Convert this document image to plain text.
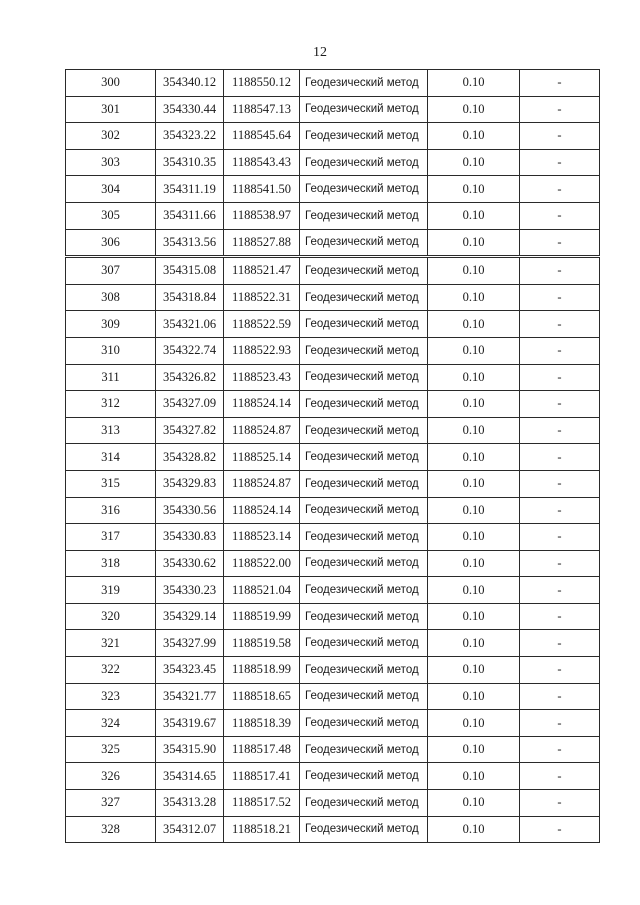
12
300	354340.12	1188550.12	Геодезический метод	0.10	-
301	354330.44	1188547.13	Геодезический метод	0.10	-
302	354323.22	1188545.64	Геодезический метод	0.10	-
303	354310.35	1188543.43	Геодезический метод	0.10	-
304	354311.19	1188541.50	Геодезический метод	0.10	-
305	354311.66	1188538.97	Геодезический метод	0.10	-
306	354313.56	1188527.88	Геодезический метод	0.10	-
307	354315.08	1188521.47	Геодезический метод	0.10	-
308	354318.84	1188522.31	Геодезический метод	0.10	-
309	354321.06	1188522.59	Геодезический метод	0.10	-
310	354322.74	1188522.93	Геодезический метод	0.10	-
311	354326.82	1188523.43	Геодезический метод	0.10	-
312	354327.09	1188524.14	Геодезический метод	0.10	-
313	354327.82	1188524.87	Геодезический метод	0.10	-
314	354328.82	1188525.14	Геодезический метод	0.10	-
315	354329.83	1188524.87	Геодезический метод	0.10	-
316	354330.56	1188524.14	Геодезический метод	0.10	-
317	354330.83	1188523.14	Геодезический метод	0.10	-
318	354330.62	1188522.00	Геодезический метод	0.10	-
319	354330.23	1188521.04	Геодезический метод	0.10	-
320	354329.14	1188519.99	Геодезический метод	0.10	-
321	354327.99	1188519.58	Геодезический метод	0.10	-
322	354323.45	1188518.99	Геодезический метод	0.10	-
323	354321.77	1188518.65	Геодезический метод	0.10	-
324	354319.67	1188518.39	Геодезический метод	0.10	-
325	354315.90	1188517.48	Геодезический метод	0.10	-
326	354314.65	1188517.41	Геодезический метод	0.10	-
327	354313.28	1188517.52	Геодезический метод	0.10	-
328	354312.07	1188518.21	Геодезический метод	0.10	-
